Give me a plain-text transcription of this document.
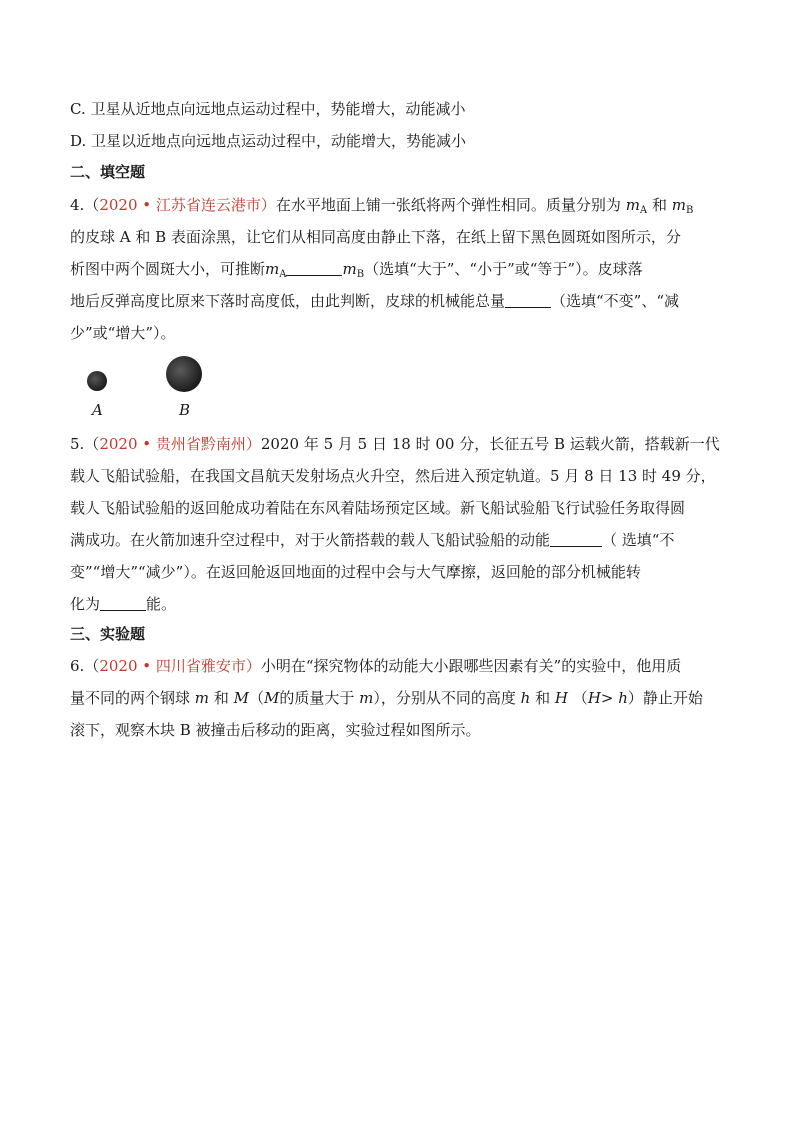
C. 卫星从近地点向远地点运动过程中，势能增大，动能减小
D. 卫星以近地点向远地点运动过程中，动能增大，势能减小
二、填空题
4.（2020 • 江苏省连云港市）在水平地面上铺一张纸将两个弹性相同。质量分别为 $m_A$ 和 $m_B$
的皮球 A 和 B 表面涂黑，让它们从相同高度由静止下落，在纸上留下黑色圆斑如图所示，分
析图中两个圆斑大小，可推断$m_A$	$m_B$（选填“大于”、“小于”或“等于”）。皮球落
地后反弹高度比原来下落时高度低，由此判断，皮球的机械能总量	（选填“不变”、“减
少”或“增大”）。
A	B
5.（2020 • 贵州省黔南州）2020 年 5 月 5 日 18 时 00 分，长征五号 B 运载火箭，搭载新一代
载人飞船试验船，在我国文昌航天发射场点火升空，然后进入预定轨道。5 月 8 日 13 时 49 分，
载人飞船试验船的返回舱成功着陆在东风着陆场预定区域。新飞船试验船飞行试验任务取得圆
满成功。在火箭加速升空过程中，对于火箭搭载的载人飞船试验船的动能	（ 选填“不
变”“增大”“减少”）。在返回舱返回地面的过程中会与大气摩擦，返回舱的部分机械能转
化为	能。
三、实验题
6.（2020 • 四川省雅安市）小明在“探究物体的动能大小跟哪些因素有关”的实验中，他用质
量不同的两个钢球 m 和 M（M的质量大于 m），分别从不同的高度 h 和 H （H> h）静止开始
滚下，观察木块 B 被撞击后移动的距离，实验过程如图所示。
